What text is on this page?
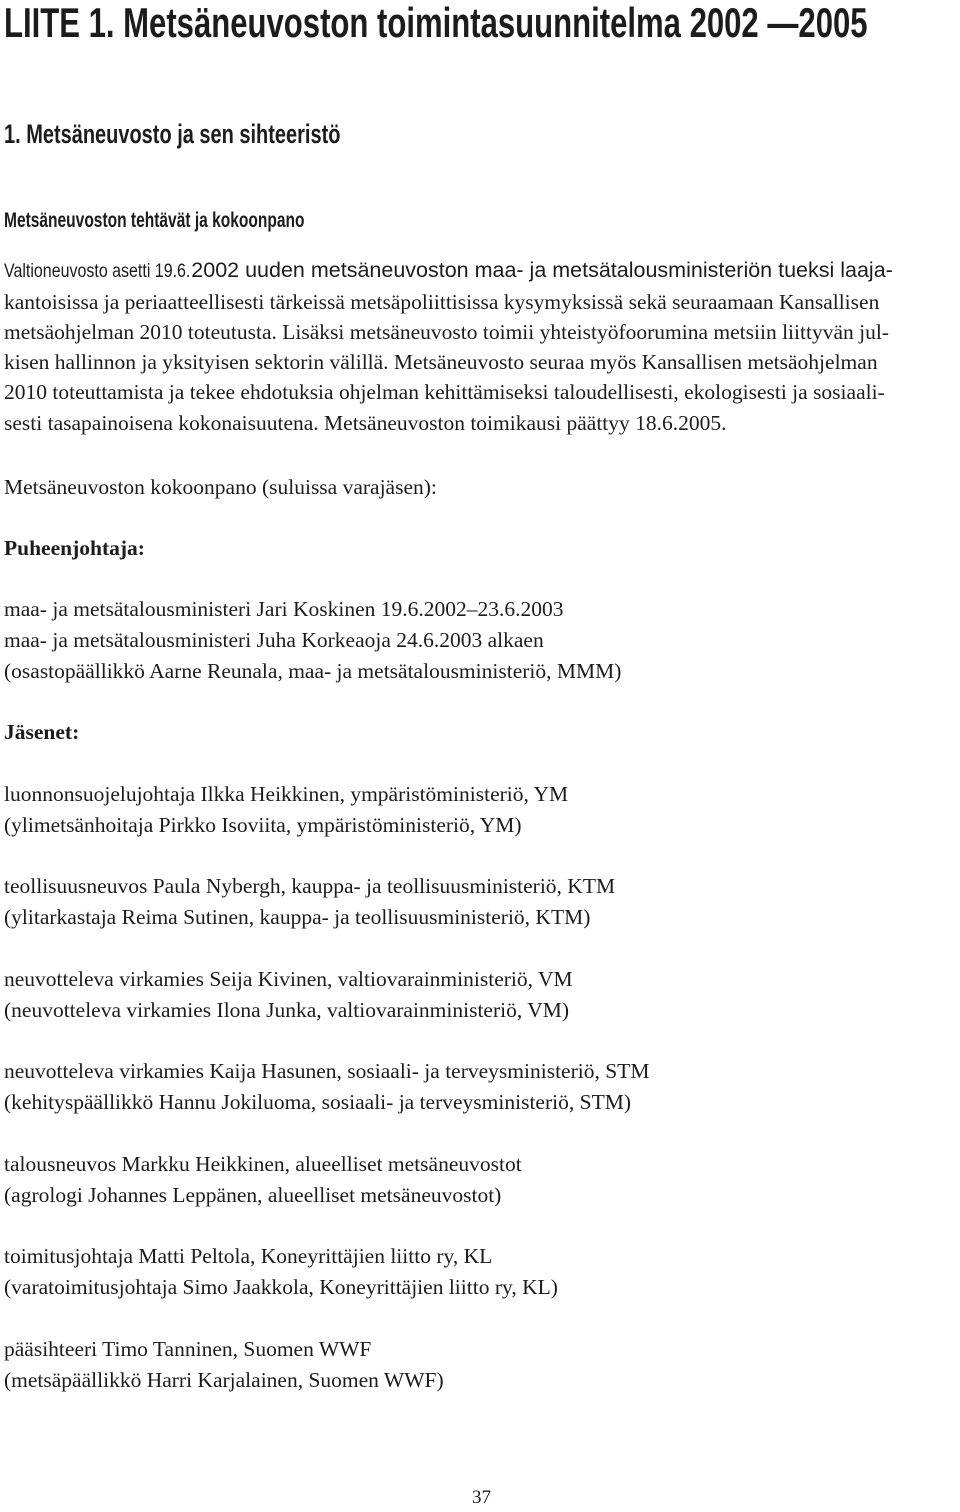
LIITE 1. Metsäneuvoston toimintasuunnitelma 2002 —2005
1. Metsäneuvosto ja sen sihteeristö
Metsäneuvoston tehtävät ja kokoonpano
Valtioneuvosto asetti 19.6.2002 uuden metsäneuvoston maa- ja metsätalousministeriön tueksi laaja-
kantoisissa ja periaatteellisesti tärkeissä metsäpoliittisissa kysymyksissä sekä seuraamaan Kansallisen
metsäohjelman 2010 toteutusta. Lisäksi metsäneuvosto toimii yhteistyöfoorumina metsiin liittyvän jul-
kisen hallinnon ja yksityisen sektorin välillä. Metsäneuvosto seuraa myös Kansallisen metsäohjelman
2010 toteuttamista ja tekee ehdotuksia ohjelman kehittämiseksi taloudellisesti, ekologisesti ja sosiaali-
sesti tasapainoisena kokonaisuutena. Metsäneuvoston toimikausi päättyy 18.6.2005.
Metsäneuvoston kokoonpano (suluissa varajäsen):
Puheenjohtaja:
maa- ja metsätalousministeri Jari Koskinen 19.6.2002–23.6.2003
maa- ja metsätalousministeri Juha Korkeaoja 24.6.2003 alkaen
(osastopäällikkö Aarne Reunala, maa- ja metsätalousministeriö, MMM)
Jäsenet:
luonnonsuojelujohtaja Ilkka Heikkinen, ympäristöministeriö, YM
(ylimetsänhoitaja Pirkko Isoviita, ympäristöministeriö, YM)
teollisuusneuvos Paula Nybergh, kauppa- ja teollisuusministeriö, KTM
(ylitarkastaja Reima Sutinen, kauppa- ja teollisuusministeriö, KTM)
neuvotteleva virkamies Seija Kivinen, valtiovarainministeriö, VM
(neuvotteleva virkamies Ilona Junka, valtiovarainministeriö, VM)
neuvotteleva virkamies Kaija Hasunen, sosiaali- ja terveysministeriö, STM
(kehityspäällikkö Hannu Jokiluoma, sosiaali- ja terveysministeriö, STM)
talousneuvos Markku Heikkinen, alueelliset metsäneuvostot
(agrologi Johannes Leppänen, alueelliset metsäneuvostot)
toimitusjohtaja Matti Peltola, Koneyrittäjien liitto ry, KL
(varatoimitusjohtaja Simo Jaakkola, Koneyrittäjien liitto ry, KL)
pääsihteeri Timo Tanninen, Suomen WWF
(metsäpäällikkö Harri Karjalainen, Suomen WWF)
37
